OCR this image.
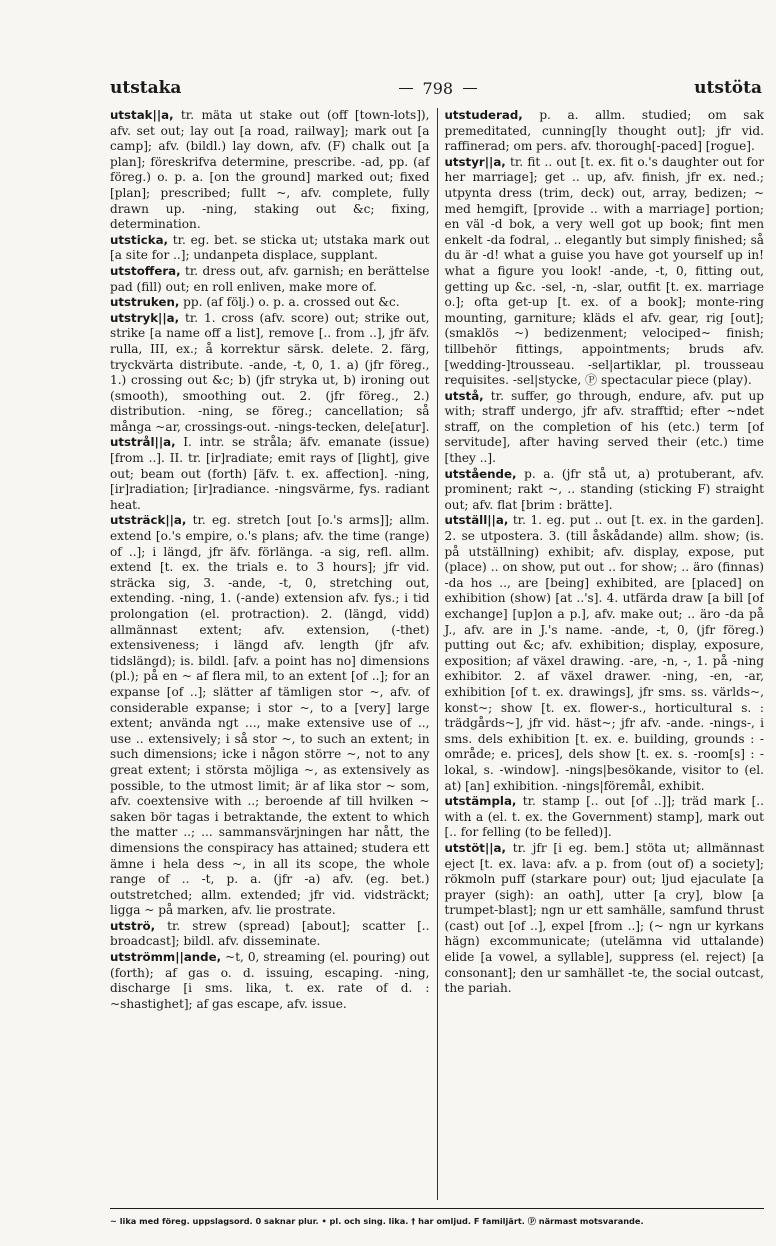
utstaka	798	utstöta

utstak||a, tr. mäta ut stake out (off [town-lots]), afv. set out; lay out [a road, railway]; mark out [a camp]; afv. (bildl.) lay down, afv. (F) chalk out [a plan]; föreskrifva determine, prescribe. -ad, pp. (af föreg.) o. p. a. [on the ground] marked out; fixed [plan]; prescribed; fullt ~, afv. complete, fully drawn up. -ning, staking out &c; fixing, determination.

utsticka, tr. eg. bet. se sticka ut; utstaka mark out [a site for ..]; undanpeta displace, supplant.

utstoffera, tr. dress out, afv. garnish; en berättelse pad (fill) out; en roll enliven, make more of.

utstruken, pp. (af följ.) o. p. a. crossed out &c.

utstryk||a, tr. 1. cross (afv. score) out; strike out, strike [a name off a list], remove [.. from ..], jfr äfv. rulla, III, ex.; å korrektur särsk. delete. 2. färg, tryckvärta distribute. -ande, -t, 0, 1. a) (jfr föreg., 1.) crossing out &c; b) (jfr stryka ut, b) ironing out (smooth), smoothing out. 2. (jfr föreg., 2.) distribution. -ning, se föreg.; cancellation; så många ~ar, crossings-out. -nings-tecken, dele[atur].

utstrål||a, I. intr. se stråla; äfv. emanate (issue) [from ..]. II. tr. [ir]radiate; emit rays of [light], give out; beam out (forth) [äfv. t. ex. affection]. -ning, [ir]radiation; [ir]radiance. -ningsvärme, fys. radiant heat.

utsträck||a, tr. eg. stretch [out [o.'s arms]]; allm. extend [o.'s empire, o.'s plans; afv. the time (range) of ..]; i längd, jfr äfv. förlänga. -a sig, refl. allm. extend [t. ex. the trials e. to 3 hours]; jfr vid. sträcka sig, 3. -ande, -t, 0, stretching out, extending. -ning, 1. (-ande) extension afv. fys.; i tid prolongation (el. protraction). 2. (längd, vidd) allmännast extent; afv. extension, (-thet) extensiveness; i längd afv. length (jfr afv. tidslängd); is. bildl. [afv. a point has no] dimensions (pl.); på en ~ af flera mil, to an extent [of ..]; for an expanse [of ..]; slätter af tämligen stor ~, afv. of considerable expanse; i stor ~, to a [very] large extent; använda ngt ..., make extensive use of .., use .. extensively; i så stor ~, to such an extent; in such dimensions; icke i någon större ~, not to any great extent; i största möjliga ~, as extensively as possible, to the utmost limit; är af lika stor ~ som, afv. coextensive with ..; beroende af till hvilken ~ saken bör tagas i betraktande, the extent to which the matter ..; ... sammansvärjningen har nått, the dimensions the conspiracy has attained; studera ett ämne i hela dess ~, in all its scope, the whole range of .. -t, p. a. (jfr -a) afv. (eg. bet.) outstretched; allm. extended; jfr vid. vidsträckt; ligga ~ på marken, afv. lie prostrate.

utströ, tr. strew (spread) [about]; scatter [.. broadcast]; bildl. afv. disseminate.

utströmm||ande, ~t, 0, streaming (el. pouring) out (forth); af gas o. d. issuing, escaping. -ning, discharge [i sms. lika, t. ex. rate of d. : ~shastighet]; af gas escape, afv. issue.

utstuderad, p. a. allm. studied; om sak premeditated, cunning[ly thought out]; jfr vid. raffinerad; om pers. afv. thorough[-paced] [rogue].

utstyr||a, tr. fit .. out [t. ex. fit o.'s daughter out for her marriage]; get .. up, afv. finish, jfr ex. ned.; utpynta dress (trim, deck) out, array, bedizen; ~ med hemgift, [provide .. with a marriage] portion; en väl -d bok, a very well got up book; fint men enkelt -da fodral, .. elegantly but simply finished; så du är -d! what a guise you have got yourself up in! what a figure you look! -ande, -t, 0, fitting out, getting up &c. -sel, -n, -slar, outfit [t. ex. marriage o.]; ofta get-up [t. ex. of a book]; monte-ring mounting, garniture; kläds el afv. gear, rig [out]; (smaklös ~) bedizenment; velociped~ finish; tillbehör fittings, appointments; bruds afv. [wedding-]trousseau. -sel|artiklar, pl. trousseau requisites. -sel|stycke, Ⓟ spectacular piece (play).

utstå, tr. suffer, go through, endure, afv. put up with; straff undergo, jfr afv. strafftid; efter ~ndet straff, on the completion of his (etc.) term [of servitude], after having served their (etc.) time [they ..].

utstående, p. a. (jfr stå ut, a) protuberant, afv. prominent; rakt ~, .. standing (sticking F) straight out; afv. flat [brim : brätte].

utställ||a, tr. 1. eg. put .. out [t. ex. in the garden]. 2. se utpostera. 3. (till åskådande) allm. show; (is. på utställning) exhibit; afv. display, expose, put (place) .. on show, put out .. for show; .. äro (finnas) -da hos .., are [being] exhibited, are [placed] on exhibition (show) [at ..'s]. 4. utfärda draw [a bill [of exchange] [up]on a p.], afv. make out; .. äro -da på J., afv. are in J.'s name. -ande, -t, 0, (jfr föreg.) putting out &c; afv. exhibition; display, exposure, exposition; af växel drawing. -are, -n, -, 1. på -ning exhibitor. 2. af växel drawer. -ning, -en, -ar, exhibition [of t. ex. drawings], jfr sms. ss. världs~, konst~; show [t. ex. flower-s., horticultural s. : trädgårds~], jfr vid. häst~; jfr afv. -ande. -nings-, i sms. dels exhibition [t. ex. e. building, grounds : -område; e. prices], dels show [t. ex. s. -room[s] : -lokal, s. -window]. -nings|besökande, visitor to (el. at) [an] exhibition. -nings|föremål, exhibit.

utstämpla, tr. stamp [.. out [of ..]]; träd mark [.. with a (el. t. ex. the Government) stamp], mark out [.. for felling (to be felled)].

utstöt||a, tr. jfr [i eg. bem.] stöta ut; allmännast eject [t. ex. lava: afv. a p. from (out of) a society]; rökmoln puff (starkare pour) out; ljud ejaculate [a prayer (sigh): an oath], utter [a cry], blow [a trumpet-blast]; ngn ur ett samhälle, samfund thrust (cast) out [of ..], expel [from ..]; (~ ngn ur kyrkans hägn) excommunicate; (utelämna vid uttalande) elide [a vowel, a syllable], suppress (el. reject) [a consonant]; den ur samhället -te, the social outcast, the pariah.

~ lika med föreg. uppslagsord. 0 saknar plur. • pl. och sing. lika. † har omljud. F familjärt. Ⓟ närmast motsvarande.
